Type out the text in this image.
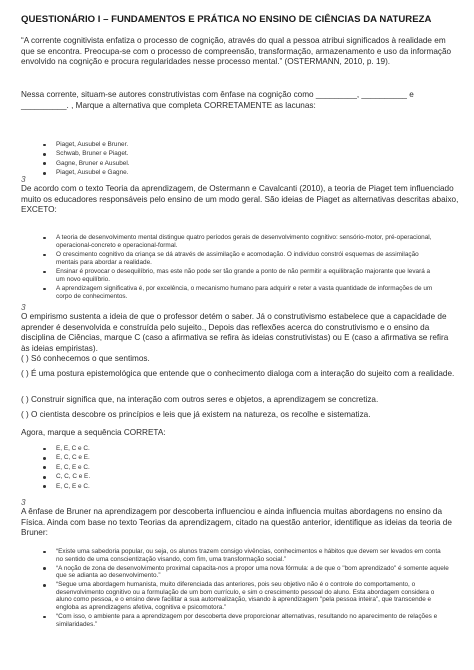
QUESTIONÁRIO I – FUNDAMENTOS E PRÁTICA NO ENSINO DE CIÊNCIAS DA NATUREZA
“A corrente cognitivista enfatiza o processo de cognição, através do qual a pessoa atribui significados à realidade em que se encontra. Preocupa-se com o processo de compreensão, transformação, armazenamento e uso da informação envolvido na cognição e procura regularidades nesse processo mental.” (OSTERMANN, 2010, p. 19).
Nessa corrente, situam-se autores construtivistas com ênfase na cognição como _________, __________ e __________. , Marque a alternativa que completa CORRETAMENTE as lacunas:
Piaget, Ausubel e Bruner.
Schwab, Bruner e Piaget.
Gagne, Bruner e Ausubel.
Piaget, Ausubel e Gagne.
3
De acordo com o texto Teoria da aprendizagem, de Ostermann e Cavalcanti (2010), a teoria de Piaget tem influenciado muito os educadores responsáveis pelo ensino de um modo geral. São ideias de Piaget as alternativas descritas abaixo, EXCETO:
A teoria de desenvolvimento mental distingue quatro períodos gerais de desenvolvimento cognitivo: sensório-motor, pré-operacional, operacional-concreto e operacional-formal.
O crescimento cognitivo da criança se dá através de assimilação e acomodação. O indivíduo constrói esquemas de assimilação mentais para abordar a realidade.
Ensinar é provocar o desequilíbrio, mas este não pode ser tão grande a ponto de não permitir a equilibração majorante que levará a um novo equilíbrio.
A aprendizagem significativa é, por excelência, o mecanismo humano para adquirir e reter a vasta quantidade de informações de um corpo de conhecimentos.
3
O empirismo sustenta a ideia de que o professor detém o saber. Já o construtivismo estabelece que a capacidade de aprender é desenvolvida e construída pelo sujeito., Depois das reflexões acerca do construtivismo e o ensino da disciplina de Ciências, marque C (caso a afirmativa se refira às ideias construtivistas) ou E (caso a afirmativa se refira às ideias empiristas).
( ) Só conhecemos o que sentimos.
( ) É uma postura epistemológica que entende que o conhecimento dialoga com a interação do sujeito com a realidade.
( ) Construir significa que, na interação com outros seres e objetos, a aprendizagem se concretiza.
( ) O cientista descobre os princípios e leis que já existem na natureza, os recolhe e sistematiza.
Agora, marque a sequência CORRETA:
E, E, C e C.
E, C, C e E.
E, C, E e C.
C, C, C e E.
E, C, E e C.
3
A ênfase de Bruner na aprendizagem por descoberta influenciou e ainda influencia muitas abordagens no ensino da Física. Ainda com base no texto Teorias da aprendizagem, citado na questão anterior, identifique as ideias da teoria de Bruner:
“Existe uma sabedoria popular, ou seja, os alunos trazem consigo vivências, conhecimentos e hábitos que devem ser levados em conta no sentido de uma conscientização visando, com fim, uma transformação social.”
“A noção de zona de desenvolvimento proximal capacita-nos a propor uma nova fórmula: a de que o "bom aprendizado" é somente aquele que se adianta ao desenvolvimento.”
“Segue uma abordagem humanista, muito diferenciada das anteriores, pois seu objetivo não é o controle do comportamento, o desenvolvimento cognitivo ou a formulação de um bom currículo, e sim o crescimento pessoal do aluno. Esta abordagem considera o aluno como pessoa, e o ensino deve facilitar a sua autorrealização, visando à aprendizagem "pela pessoa inteira", que transcende e engloba as aprendizagens afetiva, cognitiva e psicomotora.”
“Com isso, o ambiente para a aprendizagem por descoberta deve proporcionar alternativas, resultando no aparecimento de relações e similaridades.”
